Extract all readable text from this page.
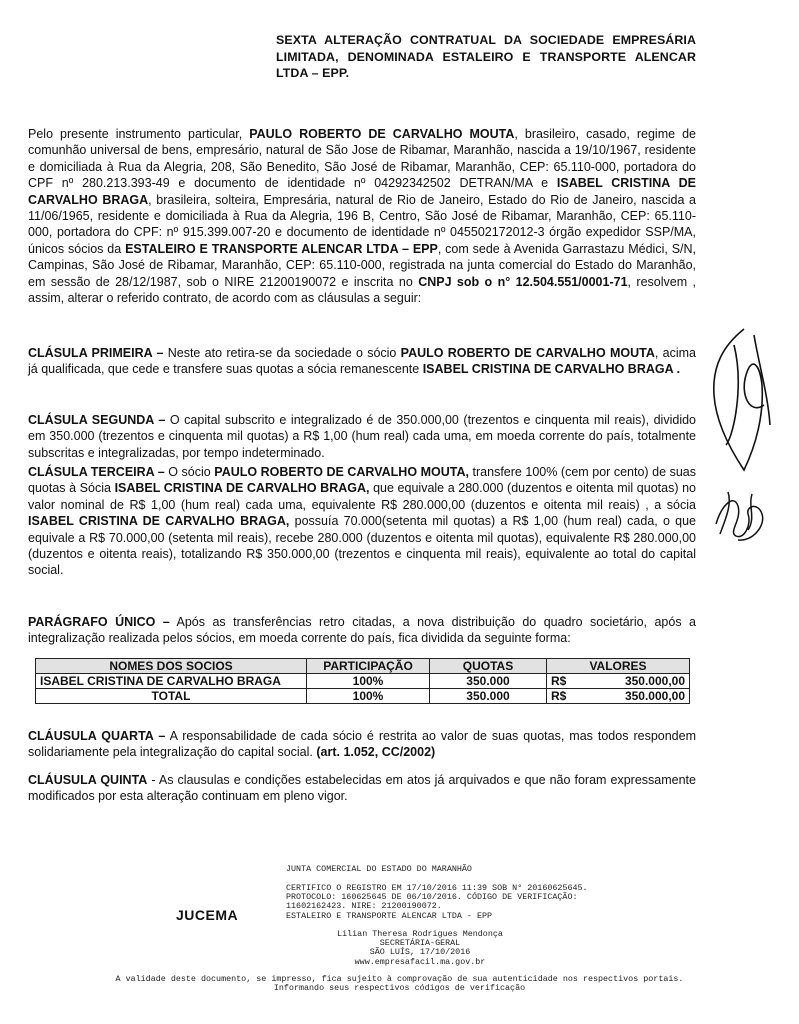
SEXTA ALTERAÇÃO CONTRATUAL DA SOCIEDADE EMPRESÁRIA LIMITADA, DENOMINADA ESTALEIRO E TRANSPORTE ALENCAR LTDA – EPP.

Pelo presente instrumento particular, PAULO ROBERTO DE CARVALHO MOUTA, brasileiro, casado, regime de comunhão universal de bens, empresário, natural de São Jose de Ribamar, Maranhão, nascida a 19/10/1967, residente e domiciliada à Rua da Alegria, 208, São Benedito, São José de Ribamar, Maranhão, CEP: 65.110-000, portadora do CPF nº 280.213.393-49 e documento de identidade nº 04292342502 DETRAN/MA e ISABEL CRISTINA DE CARVALHO BRAGA, brasileira, solteira, Empresária, natural de Rio de Janeiro, Estado do Rio de Janeiro, nascida a 11/06/1965, residente e domiciliada à Rua da Alegria, 196 B, Centro, São José de Ribamar, Maranhão, CEP: 65.110-000, portadora do CPF: nº 915.399.007-20 e documento de identidade nº 045502172012-3 órgão expedidor SSP/MA, únicos sócios da ESTALEIRO E TRANSPORTE ALENCAR LTDA – EPP, com sede à Avenida Garrastazu Médici, S/N, Campinas, São José de Ribamar, Maranhão, CEP: 65.110-000, registrada na junta comercial do Estado do Maranhão, em sessão de 28/12/1987, sob o NIRE 21200190072 e inscrita no CNPJ sob o n° 12.504.551/0001-71, resolvem , assim, alterar o referido contrato, de acordo com as cláusulas a seguir:

CLÁSULA PRIMEIRA – Neste ato retira-se da sociedade o sócio PAULO ROBERTO DE CARVALHO MOUTA, acima já qualificada, que cede e transfere suas quotas a sócia remanescente ISABEL CRISTINA DE CARVALHO BRAGA .

CLÁSULA SEGUNDA – O capital subscrito e integralizado é de 350.000,00 (trezentos e cinquenta mil reais), dividido em 350.000 (trezentos e cinquenta mil quotas) a R$ 1,00 (hum real) cada uma, em moeda corrente do país, totalmente subscritas e integralizadas, por tempo indeterminado.

CLÁSULA TERCEIRA – O sócio PAULO ROBERTO DE CARVALHO MOUTA, transfere 100% (cem por cento) de suas quotas à Sócia ISABEL CRISTINA DE CARVALHO BRAGA, que equivale a 280.000 (duzentos e oitenta mil quotas) no valor nominal de R$ 1,00 (hum real) cada uma, equivalente R$ 280.000,00 (duzentos e oitenta mil reais) , a sócia ISABEL CRISTINA DE CARVALHO BRAGA, possuía 70.000(setenta mil quotas) a R$ 1,00 (hum real) cada, o que equivale a R$ 70.000,00 (setenta mil reais), recebe 280.000 (duzentos e oitenta mil quotas), equivalente R$ 280.000,00 (duzentos e oitenta reais), totalizando R$ 350.000,00 (trezentos e cinquenta mil reais), equivalente ao total do capital social.

PARÁGRAFO ÚNICO – Após as transferências retro citadas, a nova distribuição do quadro societário, após a integralização realizada pelos sócios, em moeda corrente do país, fica dividida da seguinte forma:

NOMES DOS SOCIOS	PARTICIPAÇÃO	QUOTAS	VALORES
ISABEL CRISTINA DE CARVALHO BRAGA	100%	350.000	R$ 350.000,00

TOTAL	100%	350.000	R$ 350.000,00

CLÁUSULA QUARTA – A responsabilidade de cada sócio é restrita ao valor de suas quotas, mas todos respondem solidariamente pela integralização do capital social. (art. 1.052, CC/2002)

CLÁUSULA QUINTA - As clausulas e condições estabelecidas em atos já arquivados e que não foram expressamente modificados por esta alteração continuam em pleno vigor.

JUNTA COMERCIAL DO ESTADO DO MARANHÃO
CERTIFICO O REGISTRO EM 17/10/2016 11:39 SOB N° 20160625645.
PROTOCOLO: 160625645 DE 06/10/2016. CÓDIGO DE VERIFICAÇÃO:
11602162423. NIRE: 21200190072.
ESTALEIRO E TRANSPORTE ALENCAR LTDA - EPP
JUCEMA
Lilian Theresa Rodrigues Mendonça
SECRETÁRIA-GERAL
SÃO LUÍS, 17/10/2016
www.empresafacil.ma.gov.br
A validade deste documento, se impresso, fica sujeito à comprovação de sua autenticidade nos respectivos portais.
Informando seus respectivos códigos de verificação
